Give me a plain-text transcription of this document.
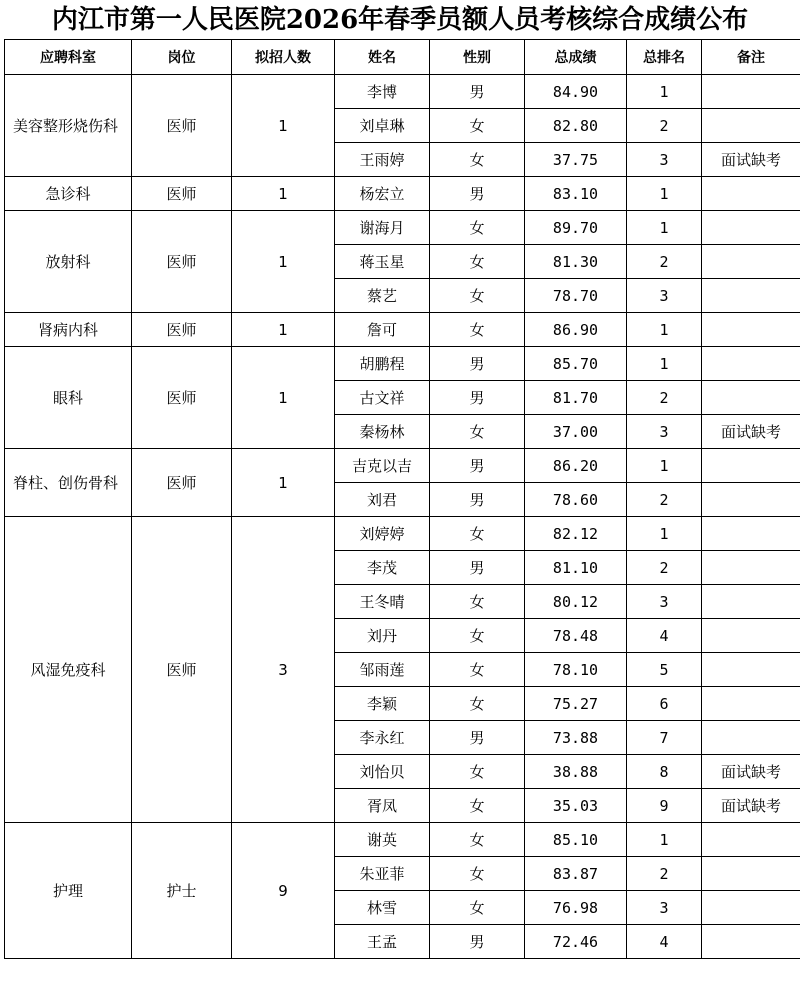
内江市第一人民医院2026年春季员额人员考核综合成绩公布
应聘科室	岗位	拟招人数	姓名	性别	总成绩	总排名	备注
美容整形烧伤科	医师	1	李博	男	84.90	1	
			刘卓琳	女	82.80	2	
			王雨婷	女	37.75	3	面试缺考
急诊科	医师	1	杨宏立	男	83.10	1	
放射科	医师	1	谢海月	女	89.70	1	
			蒋玉星	女	81.30	2	
			蔡艺	女	78.70	3	
肾病内科	医师	1	詹可	女	86.90	1	
眼科	医师	1	胡鹏程	男	85.70	1	
			古文祥	男	81.70	2	
			秦杨林	女	37.00	3	面试缺考
脊柱、创伤骨科	医师	1	吉克以吉	男	86.20	1	
			刘君	男	78.60	2	
风湿免疫科	医师	3	刘婷婷	女	82.12	1	
			李茂	男	81.10	2	
			王冬晴	女	80.12	3	
			刘丹	女	78.48	4	
			邹雨莲	女	78.10	5	
			李颖	女	75.27	6	
			李永红	男	73.88	7	
			刘怡贝	女	38.88	8	面试缺考
			胥凤	女	35.03	9	面试缺考
护理	护士	9	谢英	女	85.10	1	
			朱亚菲	女	83.87	2	
			林雪	女	76.98	3	
			王孟	男	72.46	4	
